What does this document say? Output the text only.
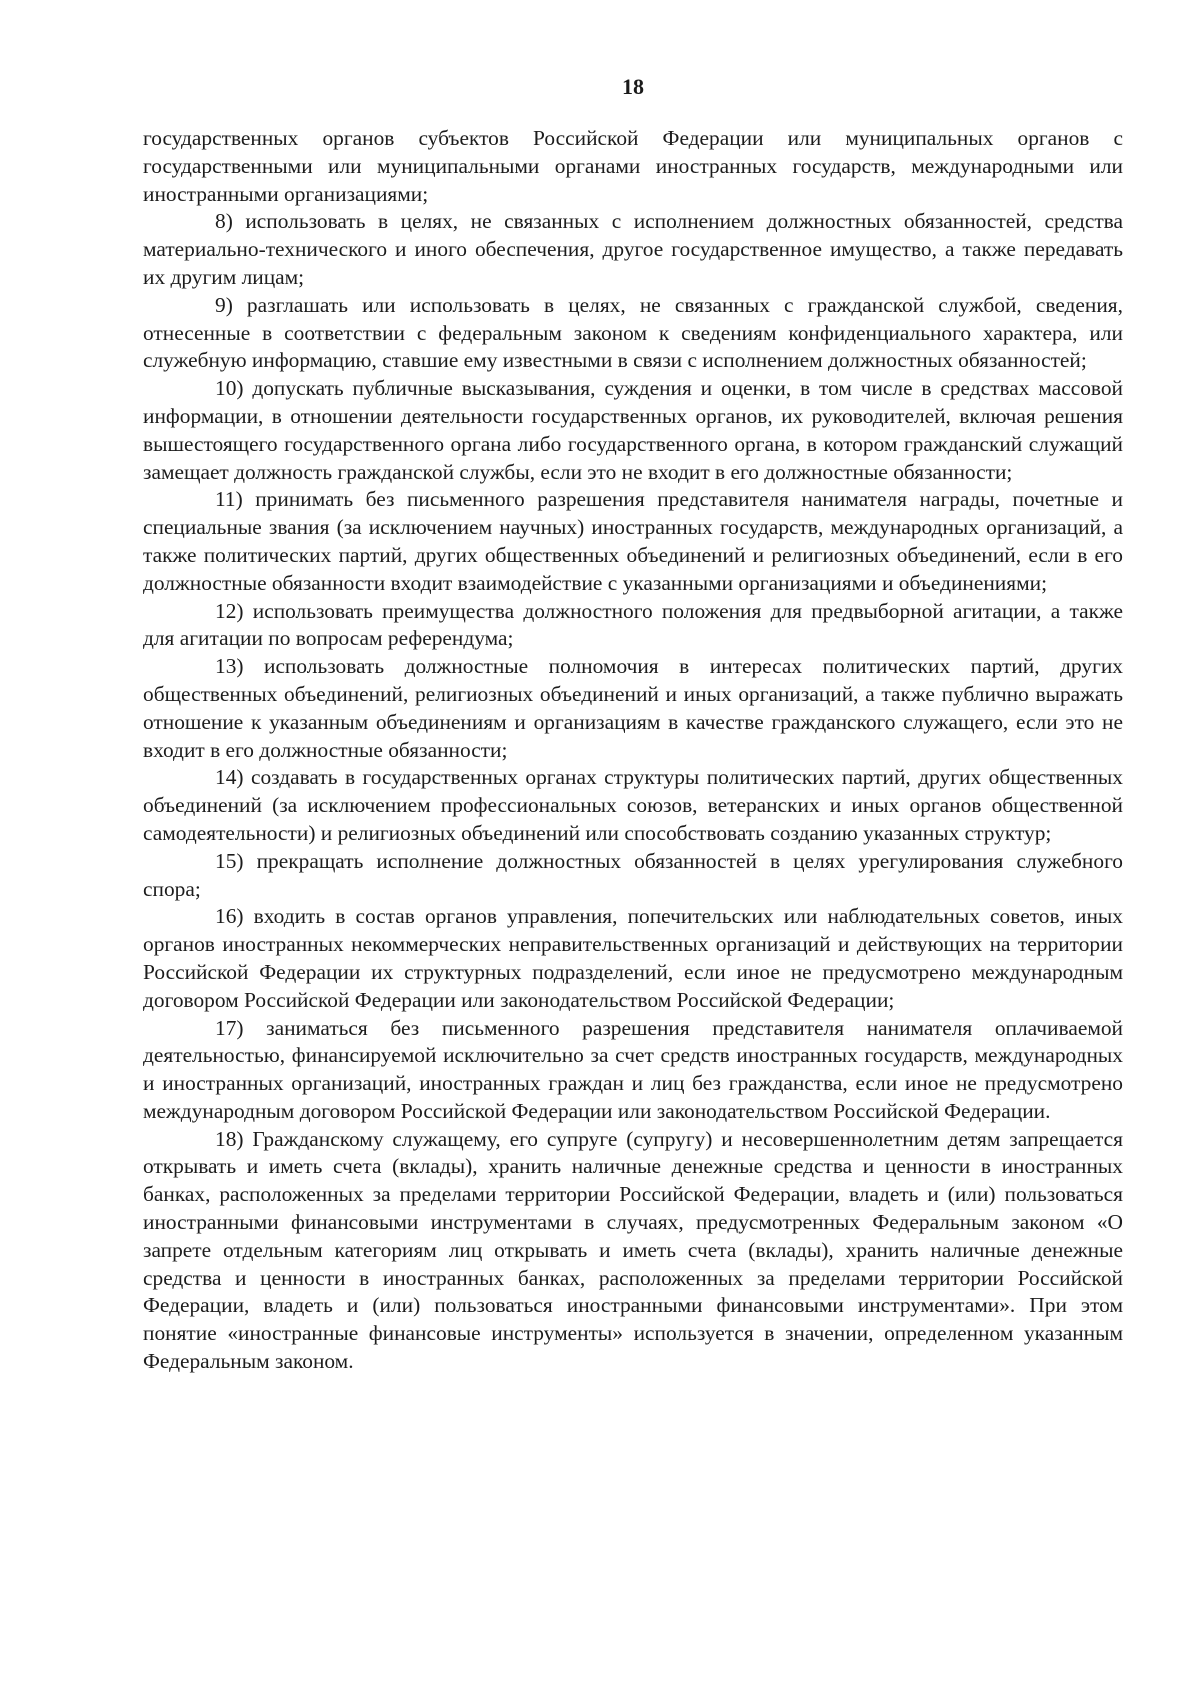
18

государственных органов субъектов Российской Федерации или муниципальных органов с государственными или муниципальными органами иностранных государств, международными или иностранными организациями;

8) использовать в целях, не связанных с исполнением должностных обязанностей, средства материально-технического и иного обеспечения, другое государственное имущество, а также передавать их другим лицам;

9) разглашать или использовать в целях, не связанных с гражданской службой, сведения, отнесенные в соответствии с федеральным законом к сведениям конфиденциального характера, или служебную информацию, ставшие ему известными в связи с исполнением должностных обязанностей;

10) допускать публичные высказывания, суждения и оценки, в том числе в средствах массовой информации, в отношении деятельности государственных органов, их руководителей, включая решения вышестоящего государственного органа либо государственного органа, в котором гражданский служащий замещает должность гражданской службы, если это не входит в его должностные обязанности;

11) принимать без письменного разрешения представителя нанимателя награды, почетные и специальные звания (за исключением научных) иностранных государств, международных организаций, а также политических партий, других общественных объединений и религиозных объединений, если в его должностные обязанности входит взаимодействие с указанными организациями и объединениями;

12) использовать преимущества должностного положения для предвыборной агитации, а также для агитации по вопросам референдума;

13) использовать должностные полномочия в интересах политических партий, других общественных объединений, религиозных объединений и иных организаций, а также публично выражать отношение к указанным объединениям и организациям в качестве гражданского служащего, если это не входит в его должностные обязанности;

14) создавать в государственных органах структуры политических партий, других общественных объединений (за исключением профессиональных союзов, ветеранских и иных органов общественной самодеятельности) и религиозных объединений или способствовать созданию указанных структур;

15) прекращать исполнение должностных обязанностей в целях урегулирования служебного спора;

16) входить в состав органов управления, попечительских или наблюдательных советов, иных органов иностранных некоммерческих неправительственных организаций и действующих на территории Российской Федерации их структурных подразделений, если иное не предусмотрено международным договором Российской Федерации или законодательством Российской Федерации;

17) заниматься без письменного разрешения представителя нанимателя оплачиваемой деятельностью, финансируемой исключительно за счет средств иностранных государств, международных и иностранных организаций, иностранных граждан и лиц без гражданства, если иное не предусмотрено международным договором Российской Федерации или законодательством Российской Федерации.

18) Гражданскому служащему, его супруге (супругу) и несовершеннолетним детям запрещается открывать и иметь счета (вклады), хранить наличные денежные средства и ценности в иностранных банках, расположенных за пределами территории Российской Федерации, владеть и (или) пользоваться иностранными финансовыми инструментами в случаях, предусмотренных Федеральным законом «О запрете отдельным категориям лиц открывать и иметь счета (вклады), хранить наличные денежные средства и ценности в иностранных банках, расположенных за пределами территории Российской Федерации, владеть и (или) пользоваться иностранными финансовыми инструментами». При этом понятие «иностранные финансовые инструменты» используется в значении, определенном указанным Федеральным законом.
